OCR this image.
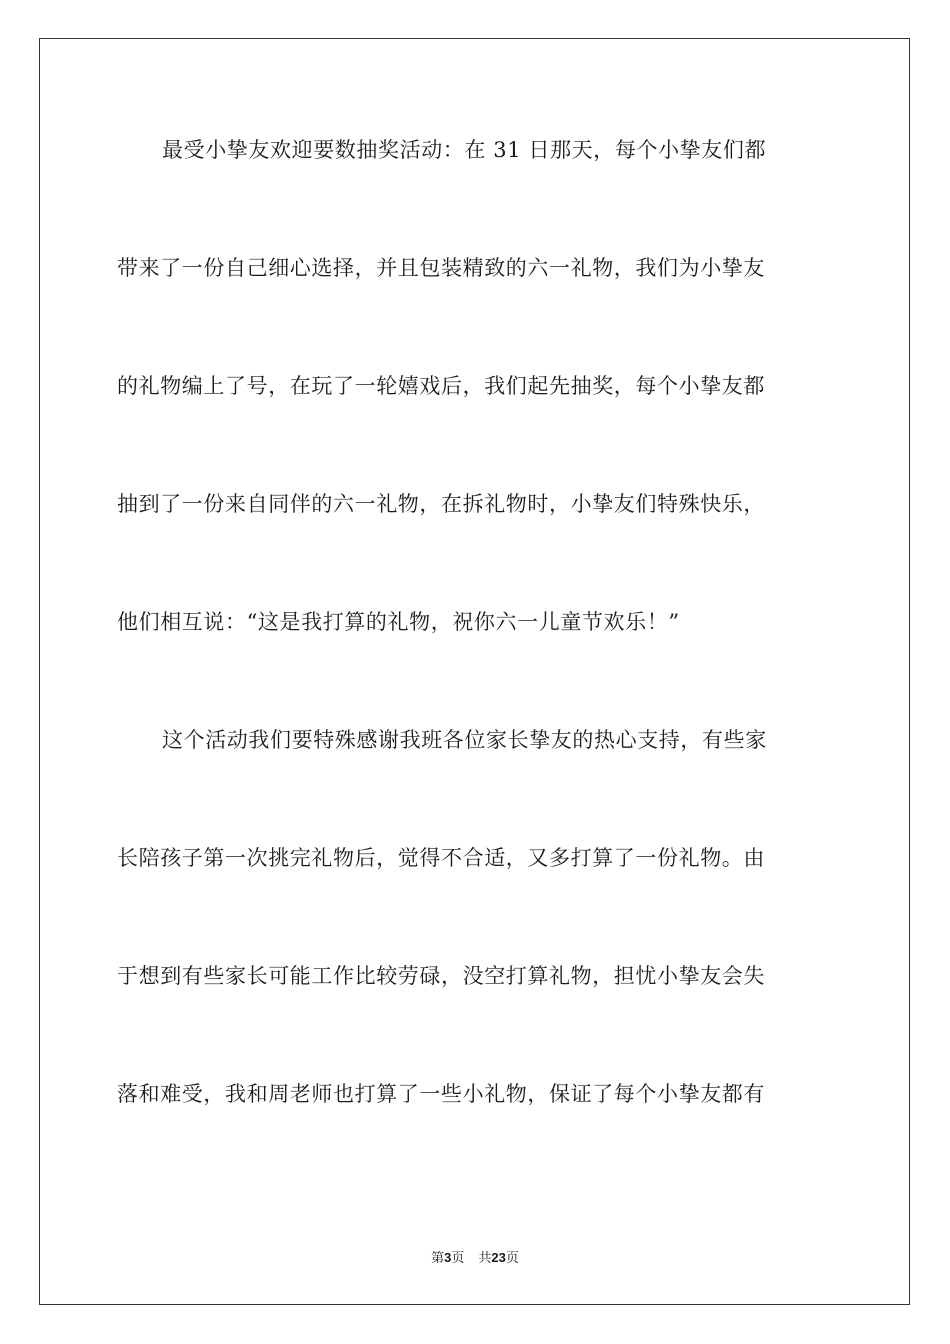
最受小挚友欢迎要数抽奖活动：在 31 日那天，每个小挚友们都

带来了一份自己细心选择，并且包装精致的六一礼物，我们为小挚友

的礼物编上了号，在玩了一轮嬉戏后，我们起先抽奖，每个小挚友都

抽到了一份来自同伴的六一礼物，在拆礼物时，小挚友们特殊快乐，

他们相互说：“这是我打算的礼物，祝你六一儿童节欢乐！”

这个活动我们要特殊感谢我班各位家长挚友的热心支持，有些家

长陪孩子第一次挑完礼物后，觉得不合适，又多打算了一份礼物。由

于想到有些家长可能工作比较劳碌，没空打算礼物，担忧小挚友会失

落和难受，我和周老师也打算了一些小礼物，保证了每个小挚友都有

第3页 共23页
